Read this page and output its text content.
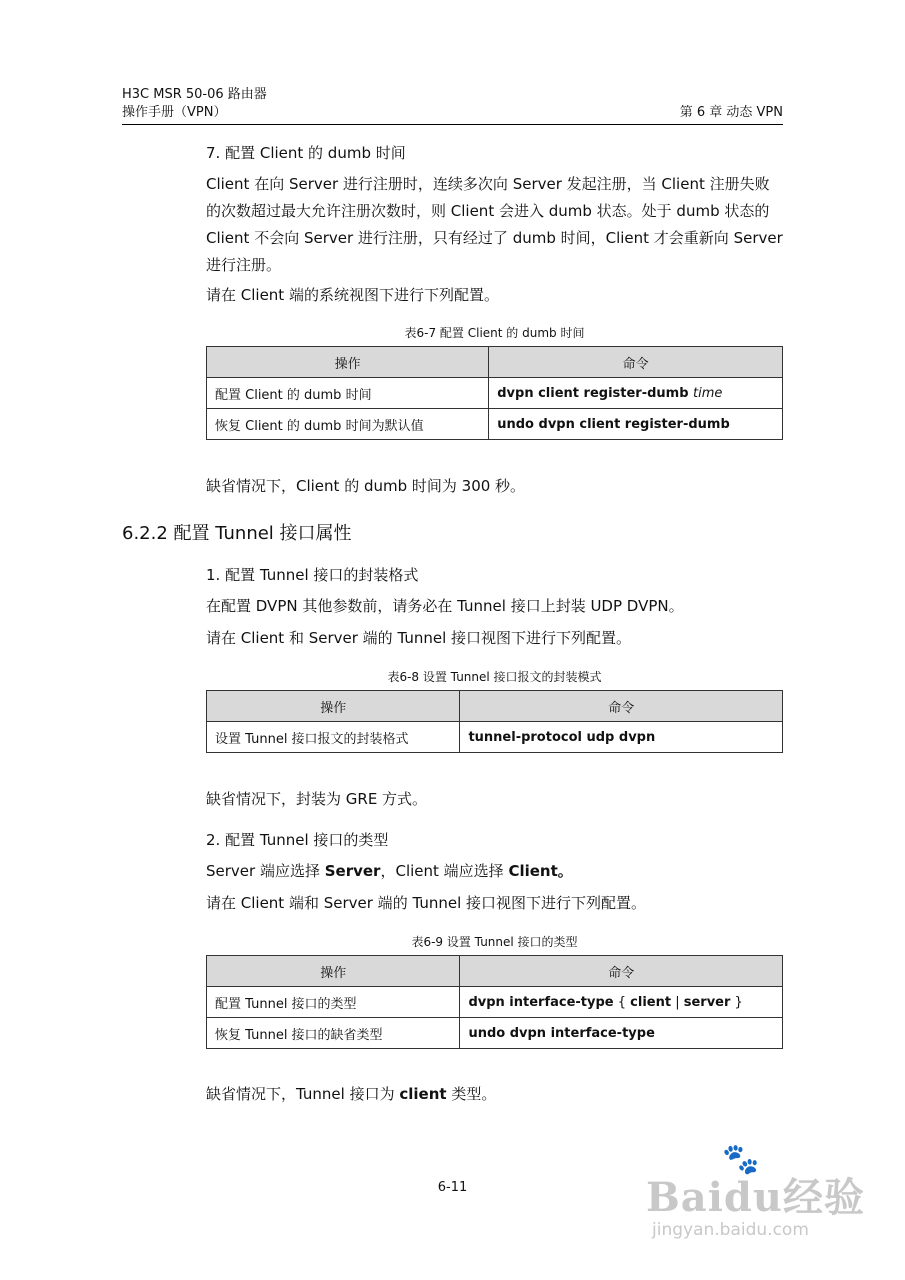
H3C MSR 50-06 路由器
操作手册（VPN）	第 6 章 动态 VPN
7. 配置 Client 的 dumb 时间
Client 在向 Server 进行注册时，连续多次向 Server 发起注册，当 Client 注册失败的次数超过最大允许注册次数时，则 Client 会进入 dumb 状态。处于 dumb 状态的 Client 不会向 Server 进行注册，只有经过了 dumb 时间，Client 才会重新向 Server 进行注册。
请在 Client 端的系统视图下进行下列配置。
表6-7 配置 Client 的 dumb 时间
操作	命令
配置 Client 的 dumb 时间	dvpn client register-dumb time
恢复 Client 的 dumb 时间为默认值	undo dvpn client register-dumb
缺省情况下，Client 的 dumb 时间为 300 秒。
6.2.2 配置 Tunnel 接口属性
1. 配置 Tunnel 接口的封装格式
在配置 DVPN 其他参数前，请务必在 Tunnel 接口上封装 UDP DVPN。
请在 Client 和 Server 端的 Tunnel 接口视图下进行下列配置。
表6-8 设置 Tunnel 接口报文的封装模式
操作	命令
设置 Tunnel 接口报文的封装格式	tunnel-protocol udp dvpn
缺省情况下，封装为 GRE 方式。
2. 配置 Tunnel 接口的类型
Server 端应选择 Server，Client 端应选择 Client。
请在 Client 端和 Server 端的 Tunnel 接口视图下进行下列配置。
表6-9 设置 Tunnel 接口的类型
操作	命令
配置 Tunnel 接口的类型	dvpn interface-type { client | server }
恢复 Tunnel 接口的缺省类型	undo dvpn interface-type
缺省情况下，Tunnel 接口为 client 类型。
6-11	Baidu经验
🐾
jingyan.baidu.com
